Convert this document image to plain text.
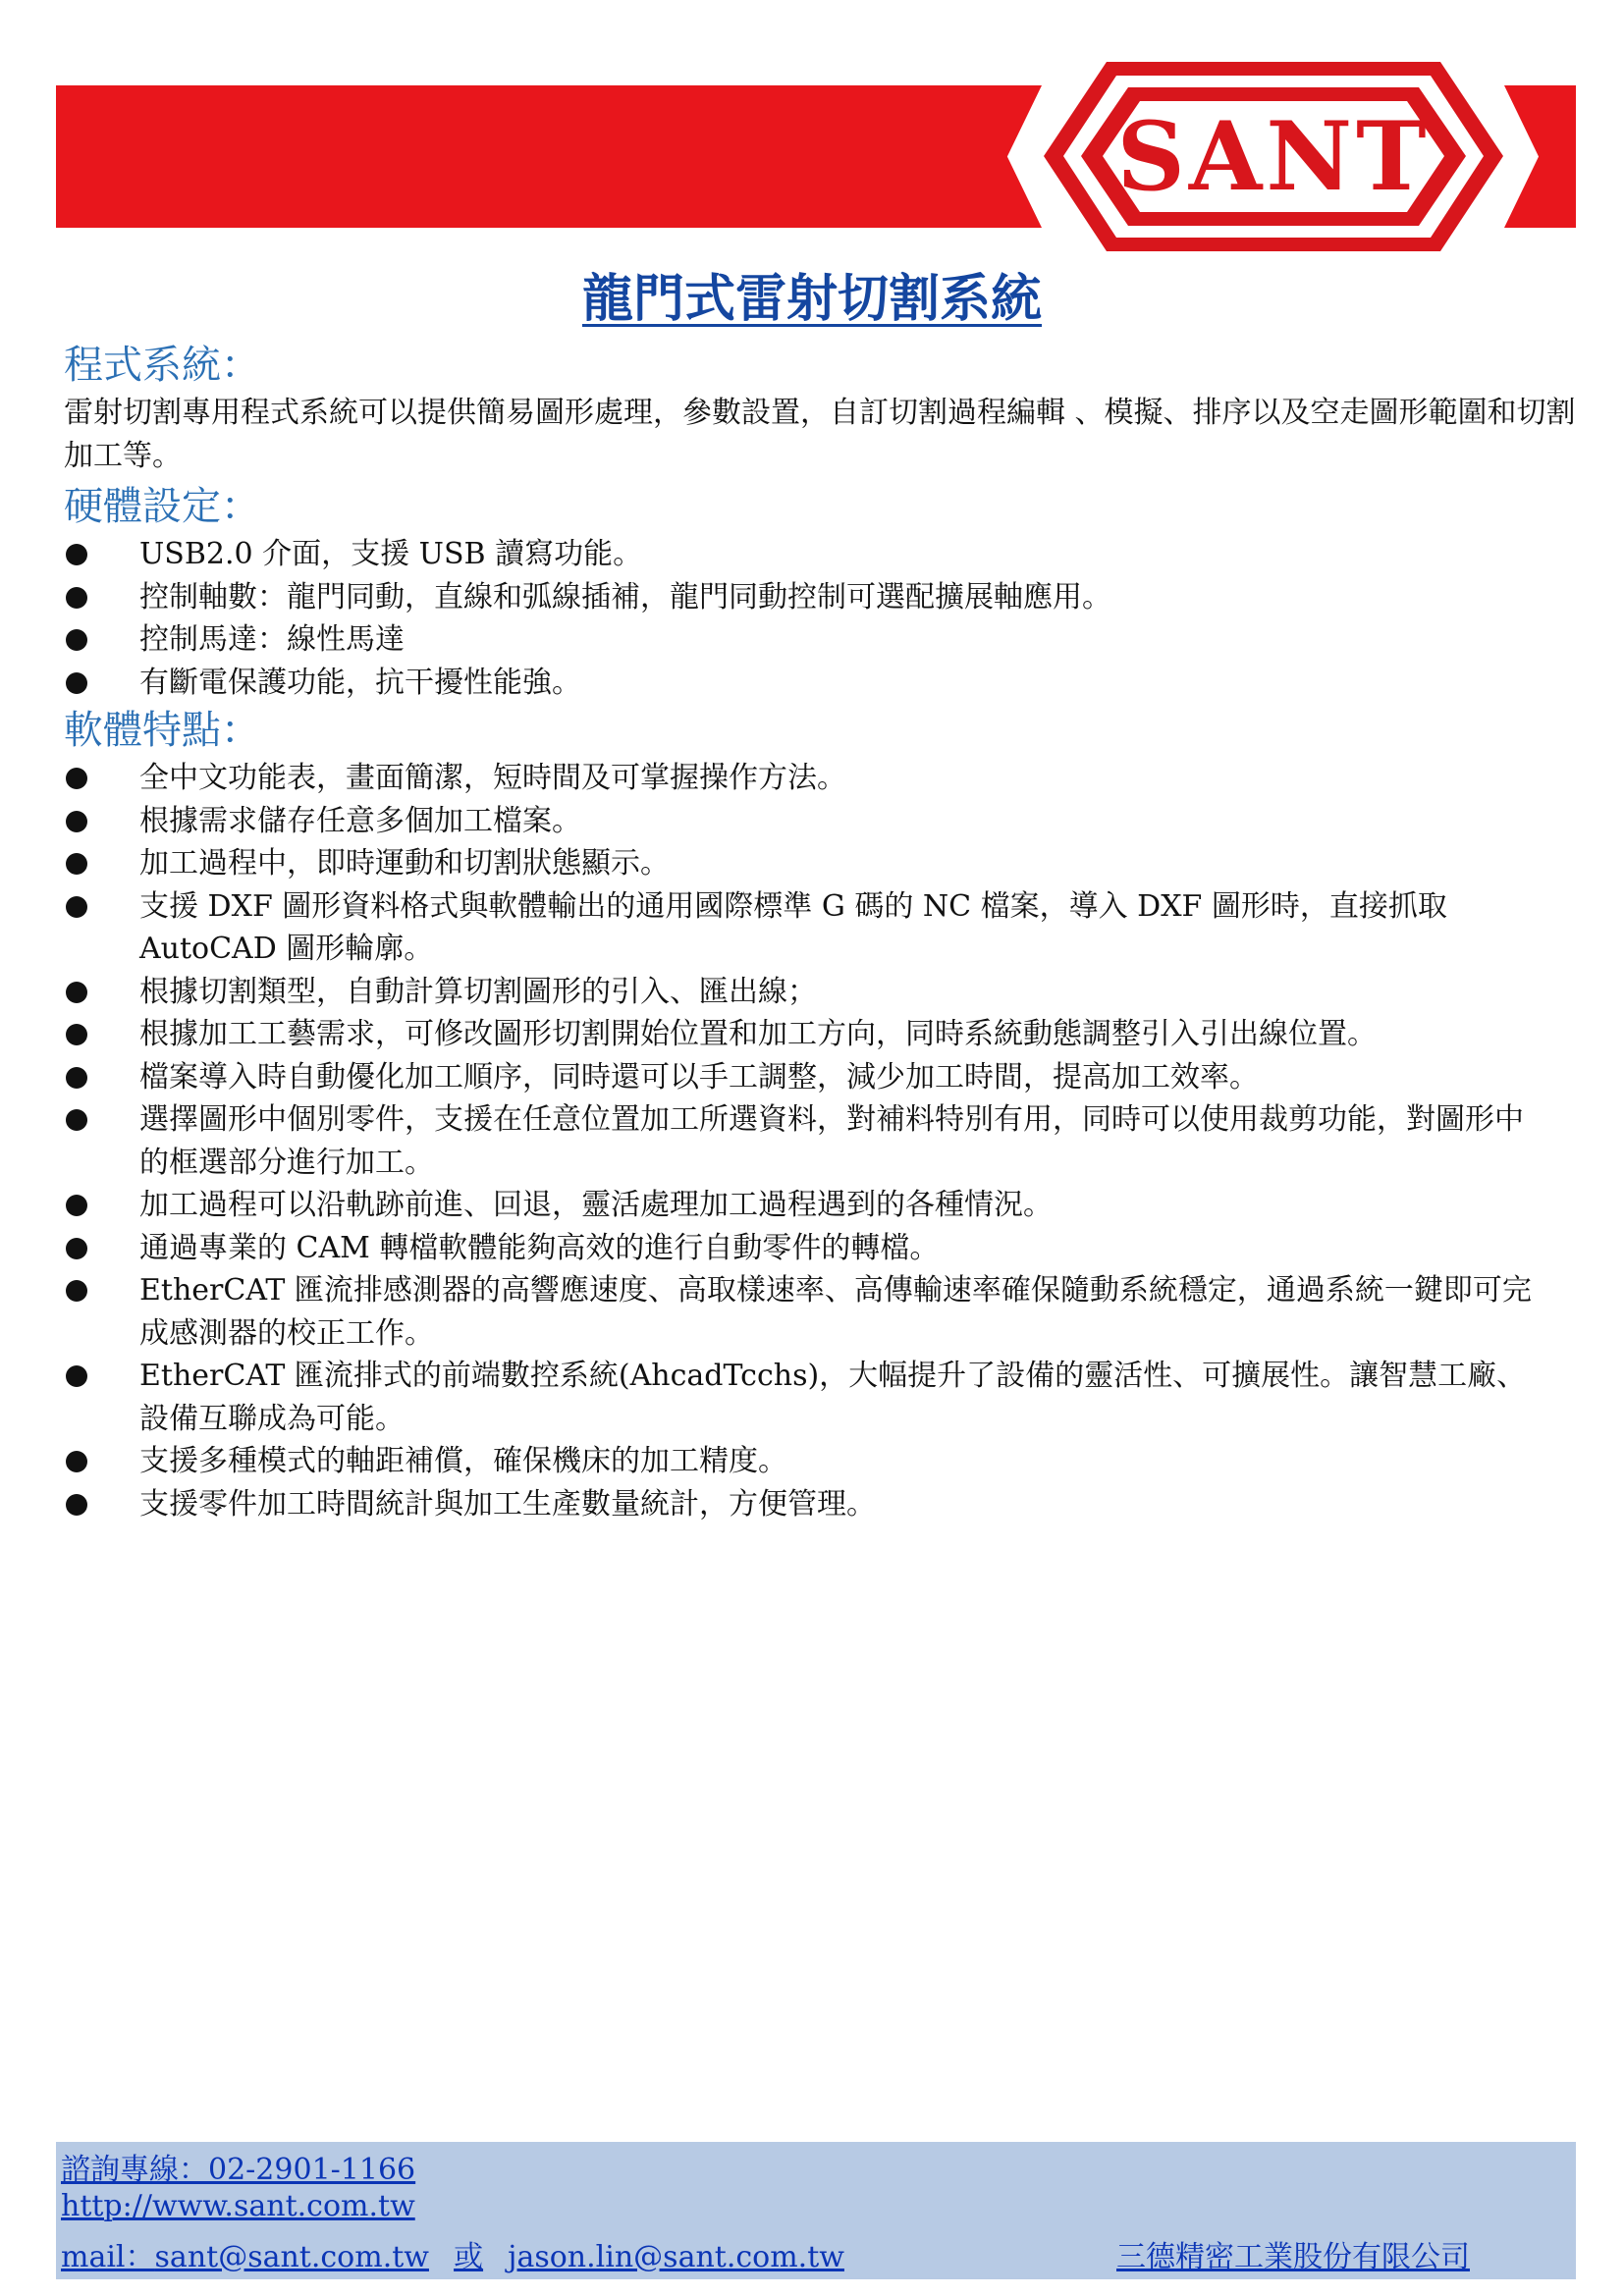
SANT
龍門式雷射切割系統
程式系統：

雷射切割專用程式系統可以提供簡易圖形處理，參數設置，自訂切割過程編輯 、模擬、排序以及空走圖形範圍和切割加工等。

硬體設定：
USB2.0 介面，支援 USB 讀寫功能。
控制軸數：龍門同動，直線和弧線插補，龍門同動控制可選配擴展軸應用。
控制馬達：線性馬達
有斷電保護功能，抗干擾性能強。
軟體特點：
全中文功能表，畫面簡潔，短時間及可掌握操作方法。
根據需求儲存任意多個加工檔案。
加工過程中，即時運動和切割狀態顯示。
支援 DXF 圖形資料格式與軟體輸出的通用國際標準 G 碼的 NC 檔案，導入 DXF 圖形時，直接抓取 AutoCAD 圖形輪廓。
根據切割類型，自動計算切割圖形的引入、匯出線；
根據加工工藝需求，可修改圖形切割開始位置和加工方向，同時系統動態調整引入引出線位置。
檔案導入時自動優化加工順序，同時還可以手工調整，減少加工時間，提高加工效率。
選擇圖形中個別零件，支援在任意位置加工所選資料，對補料特別有用，同時可以使用裁剪功能，對圖形中的框選部分進行加工。
加工過程可以沿軌跡前進、回退，靈活處理加工過程遇到的各種情況。
通過專業的 CAM 轉檔軟體能夠高效的進行自動零件的轉檔。
EtherCAT 匯流排感測器的高響應速度、高取樣速率、高傳輸速率確保隨動系統穩定，通過系統一鍵即可完成感測器的校正工作。
EtherCAT 匯流排式的前端數控系統(AhcadTcchs)，大幅提升了設備的靈活性、可擴展性。讓智慧工廠、設備互聯成為可能。
支援多種模式的軸距補償，確保機床的加工精度。
支援零件加工時間統計與加工生產數量統計，方便管理。
諮詢專線：02-2901-1166
http://www.sant.com.tw
mail：sant@sant.com.tw 或 jason.lin@sant.com.tw	三德精密工業股份有限公司
